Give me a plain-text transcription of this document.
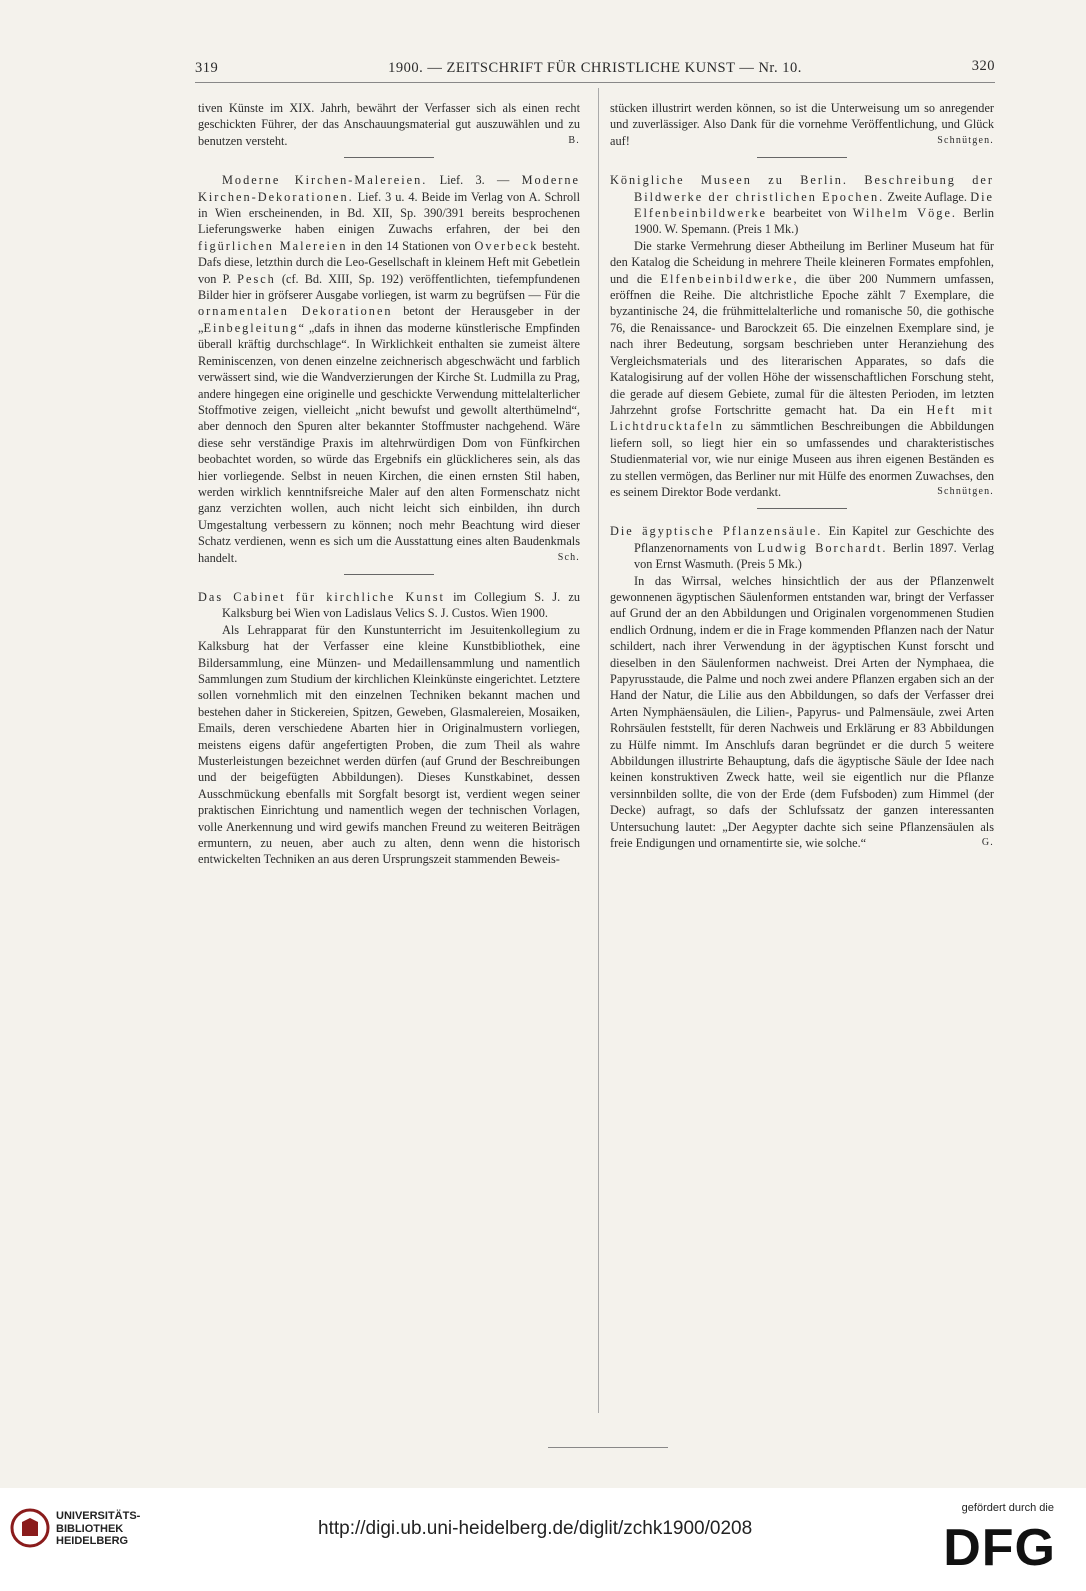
319	1900. — ZEITSCHRIFT FÜR CHRISTLICHE KUNST — Nr. 10.	320

tiven Künste im XIX. Jahrh, bewährt der Verfasser sich als einen recht geschickten Führer, der das Anschauungsmaterial gut auszuwählen und zu benutzen versteht.	B.

Moderne Kirchen-Malereien. Lief. 3. — Moderne Kirchen-Dekorationen. Lief. 3 u. 4. Beide im Verlag von A. Schroll in Wien erscheinenden, in Bd. XII, Sp. 390/391 bereits besprochenen Lieferungswerke haben einigen Zuwachs erfahren, der bei den figürlichen Malereien in den 14 Stationen von Overbeck besteht. Dafs diese, letzthin durch die Leo-Gesellschaft in kleinem Heft mit Gebetlein von P. Pesch (cf. Bd. XIII, Sp. 192) veröffentlichten, tiefempfundenen Bilder hier in gröfserer Ausgabe vorliegen, ist warm zu begrüfsen — Für die ornamentalen Dekorationen betont der Herausgeber in der „Einbegleitung“ „dafs in ihnen das moderne künstlerische Empfinden überall kräftig durchschlage“. In Wirklichkeit enthalten sie zumeist ältere Reminiscenzen, von denen einzelne zeichnerisch abgeschwächt und farblich verwässert sind, wie die Wandverzierungen der Kirche St. Ludmilla zu Prag, andere hingegen eine originelle und geschickte Verwendung mittelalterlicher Stoffmotive zeigen, vielleicht „nicht bewufst und gewollt alterthümelnd“, aber dennoch den Spuren alter bekannter Stoffmuster nachgehend. Wäre diese sehr verständige Praxis im altehrwürdigen Dom von Fünfkirchen beobachtet worden, so würde das Ergebnifs ein glücklicheres sein, als das hier vorliegende. Selbst in neuen Kirchen, die einen ernsten Stil haben, werden wirklich kenntnifsreiche Maler auf den alten Formenschatz nicht ganz verzichten wollen, auch nicht leicht sich einbilden, ihn durch Umgestaltung verbessern zu können; noch mehr Beachtung wird dieser Schatz verdienen, wenn es sich um die Ausstattung eines alten Baudenkmals handelt.	Sch.

Das Cabinet für kirchliche Kunst im Collegium S. J. zu Kalksburg bei Wien von Ladislaus Velics S. J. Custos. Wien 1900.

Als Lehrapparat für den Kunstunterricht im Jesuitenkollegium zu Kalksburg hat der Verfasser eine kleine Kunstbibliothek, eine Bildersammlung, eine Münzen- und Medaillensammlung und namentlich Sammlungen zum Studium der kirchlichen Kleinkünste eingerichtet. Letztere sollen vornehmlich mit den einzelnen Techniken bekannt machen und bestehen daher in Stickereien, Spitzen, Geweben, Glasmalereien, Mosaiken, Emails, deren verschiedene Abarten hier in Originalmustern vorliegen, meistens eigens dafür angefertigten Proben, die zum Theil als wahre Musterleistungen bezeichnet werden dürfen (auf Grund der Beschreibungen und der beigefügten Abbildungen). Dieses Kunstkabinet, dessen Ausschmückung ebenfalls mit Sorgfalt besorgt ist, verdient wegen seiner praktischen Einrichtung und namentlich wegen der technischen Vorlagen, volle Anerkennung und wird gewifs manchen Freund zu weiteren Beiträgen ermuntern, zu neuen, aber auch zu alten, denn wenn die historisch entwickelten Techniken an aus deren Ursprungszeit stammenden Beweis-

stücken illustrirt werden können, so ist die Unterweisung um so anregender und zuverlässiger. Also Dank für die vornehme Veröffentlichung, und Glück auf!	Schnütgen.

Königliche Museen zu Berlin. Beschreibung der Bildwerke der christlichen Epochen. Zweite Auflage. Die Elfenbeinbildwerke bearbeitet von Wilhelm Vöge. Berlin 1900. W. Spemann. (Preis 1 Mk.)

Die starke Vermehrung dieser Abtheilung im Berliner Museum hat für den Katalog die Scheidung in mehrere Theile kleineren Formates empfohlen, und die Elfenbeinbildwerke, die über 200 Nummern umfassen, eröffnen die Reihe. Die altchristliche Epoche zählt 7 Exemplare, die byzantinische 24, die frühmittelalterliche und romanische 50, die gothische 76, die Renaissance- und Barockzeit 65. Die einzelnen Exemplare sind, je nach ihrer Bedeutung, sorgsam beschrieben unter Heranziehung des Vergleichsmaterials und des literarischen Apparates, so dafs die Katalogisirung auf der vollen Höhe der wissenschaftlichen Forschung steht, die gerade auf diesem Gebiete, zumal für die ältesten Perioden, im letzten Jahrzehnt grofse Fortschritte gemacht hat. Da ein Heft mit Lichtdrucktafeln zu sämmtlichen Beschreibungen die Abbildungen liefern soll, so liegt hier ein so umfassendes und charakteristisches Studienmaterial vor, wie nur einige Museen aus ihren eigenen Beständen es zu stellen vermögen, das Berliner nur mit Hülfe des enormen Zuwachses, den es seinem Direktor Bode verdankt.	Schnütgen.

Die ägyptische Pflanzensäule. Ein Kapitel zur Geschichte des Pflanzenornaments von Ludwig Borchardt. Berlin 1897. Verlag von Ernst Wasmuth. (Preis 5 Mk.)

In das Wirrsal, welches hinsichtlich der aus der Pflanzenwelt gewonnenen ägyptischen Säulenformen entstanden war, bringt der Verfasser auf Grund der an den Abbildungen und Originalen vorgenommenen Studien endlich Ordnung, indem er die in Frage kommenden Pflanzen nach der Natur schildert, nach ihrer Verwendung in der ägyptischen Kunst forscht und dieselben in den Säulenformen nachweist. Drei Arten der Nymphaea, die Papyrusstaude, die Palme und noch zwei andere Pflanzen ergaben sich an der Hand der Natur, die Lilie aus den Abbildungen, so dafs der Verfasser drei Arten Nymphäensäulen, die Lilien-, Papyrus- und Palmensäule, zwei Arten Rohrsäulen feststellt, für deren Nachweis und Erklärung er 83 Abbildungen zu Hülfe nimmt. Im Anschlufs daran begründet er die durch 5 weitere Abbildungen illustrirte Behauptung, dafs die ägyptische Säule der Idee nach keinen konstruktiven Zweck hatte, weil sie eigentlich nur die Pflanze versinnbilden sollte, die von der Erde (dem Fufsboden) zum Himmel (der Decke) aufragt, so dafs der Schlufssatz der ganzen interessanten Untersuchung lautet: „Der Aegypter dachte sich seine Pflanzensäulen als freie Endigungen und ornamentirte sie, wie solche.“	G.

UNIVERSITÄTS-
BIBLIOTHEK
HEIDELBERG
http://digi.ub.uni-heidelberg.de/diglit/zchk1900/0208
gefördert durch die
DFG
